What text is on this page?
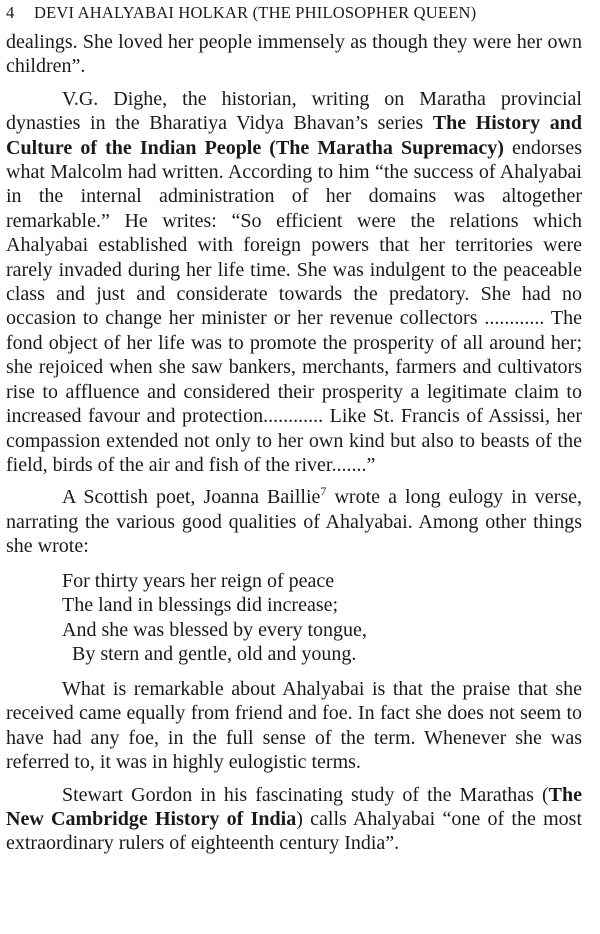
4	DEVI AHALYABAI HOLKAR (THE PHILOSOPHER QUEEN)

dealings. She loved her people immensely as though they were her own children”.

V.G. Dighe, the historian, writing on Maratha provincial dynasties in the Bharatiya Vidya Bhavan’s series The History and Culture of the Indian People (The Maratha Supremacy) endorses what Malcolm had written. According to him “the success of Ahalyabai in the internal administration of her domains was altogether remarkable.” He writes: “So efficient were the relations which Ahalyabai established with foreign powers that her territories were rarely invaded during her life time. She was indulgent to the peaceable class and just and considerate towards the predatory. She had no occasion to change her minister or her revenue collectors ............ The fond object of her life was to promote the prosperity of all around her; she rejoiced when she saw bankers, merchants, farmers and cultivators rise to affluence and considered their prosperity a legitimate claim to increased favour and protection............ Like St. Francis of Assissi, her compassion extended not only to her own kind but also to beasts of the field, birds of the air and fish of the river.......”

A Scottish poet, Joanna Baillie$^7$ wrote a long eulogy in verse, narrating the various good qualities of Ahalyabai. Among other things she wrote:

For thirty years her reign of peace
The land in blessings did increase;
And she was blessed by every tongue,
By stern and gentle, old and young.

What is remarkable about Ahalyabai is that the praise that she received came equally from friend and foe. In fact she does not seem to have had any foe, in the full sense of the term. Whenever she was referred to, it was in highly eulogistic terms.

Stewart Gordon in his fascinating study of the Marathas (The New Cambridge History of India) calls Ahalyabai “one of the most extraordinary rulers of eighteenth century India”.
